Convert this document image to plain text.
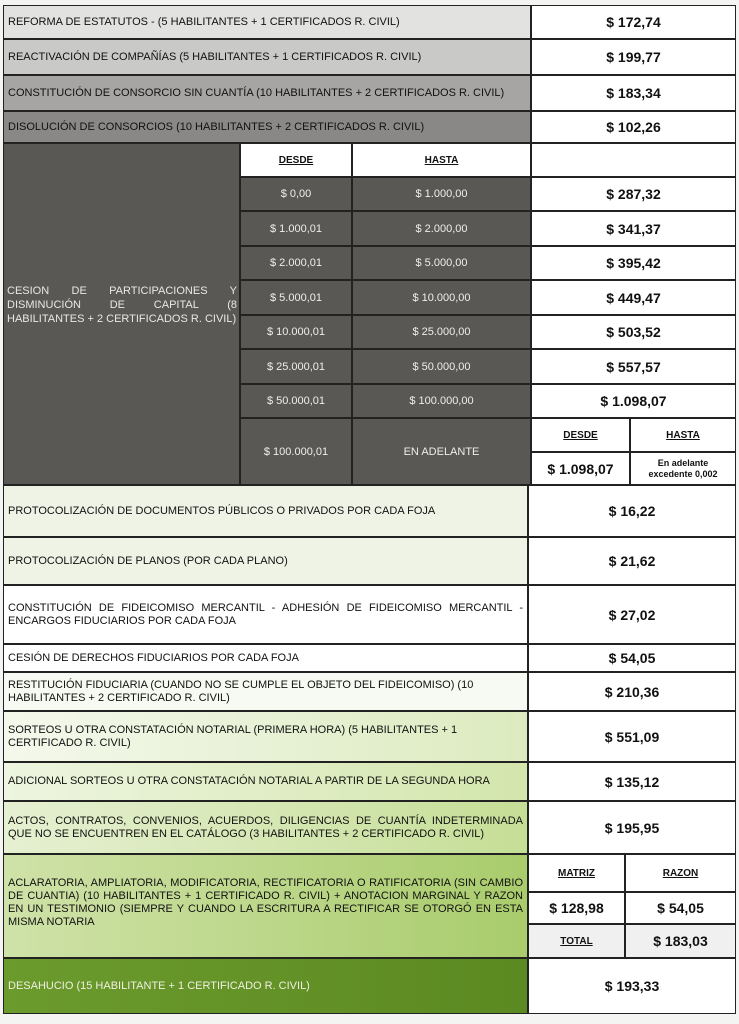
REFORMA DE ESTATUTOS - (5 HABILITANTES + 1 CERTIFICADOS R. CIVIL)	$ 172,74
REACTIVACIÓN DE COMPAÑÍAS (5 HABILITANTES + 1 CERTIFICADOS R. CIVIL)	$ 199,77
CONSTITUCIÓN DE CONSORCIO SIN CUANTÍA (10 HABILITANTES + 2 CERTIFICADOS R. CIVIL)	$ 183,34
DISOLUCIÓN DE CONSORCIOS (10 HABILITANTES + 2 CERTIFICADOS R. CIVIL)	$ 102,26
CESION DE PARTICIPACIONES Y DISMINUCIÓN DE CAPITAL (8 HABILITANTES + 2 CERTIFICADOS R. CIVIL)
DESDE	HASTA
$ 0,00	$ 1.000,00	$ 287,32
$ 1.000,01	$ 2.000,00	$ 341,37
$ 2.000,01	$ 5.000,00	$ 395,42
$ 5.000,01	$ 10.000,00	$ 449,47
$ 10.000,01	$ 25.000,00	$ 503,52
$ 25.000,01	$ 50.000,00	$ 557,57
$ 50.000,01	$ 100.000,00	$ 1.098,07
$ 100.000,01	EN ADELANTE
DESDE	HASTA
$ 1.098,07	En adelante
excedente 0,002
PROTOCOLIZACIÓN DE DOCUMENTOS PÚBLICOS O PRIVADOS POR CADA FOJA	$ 16,22
PROTOCOLIZACIÓN DE PLANOS (POR CADA PLANO)	$ 21,62
CONSTITUCIÓN DE FIDEICOMISO MERCANTIL - ADHESIÓN DE FIDEICOMISO MERCANTIL - ENCARGOS FIDUCIARIOS POR CADA FOJA	$ 27,02
CESIÓN DE DERECHOS FIDUCIARIOS POR CADA FOJA	$ 54,05
RESTITUCIÓN FIDUCIARIA (CUANDO NO SE CUMPLE EL OBJETO DEL FIDEICOMISO) (10 HABILITANTES + 2 CERTIFICADO R. CIVIL)	$ 210,36
SORTEOS U OTRA CONSTATACIÓN NOTARIAL (PRIMERA HORA) (5 HABILITANTES + 1 CERTIFICADO R. CIVIL)	$ 551,09
ADICIONAL SORTEOS U OTRA CONSTATACIÓN NOTARIAL A PARTIR DE LA SEGUNDA HORA	$ 135,12
ACTOS, CONTRATOS, CONVENIOS, ACUERDOS, DILIGENCIAS DE CUANTÍA INDETERMINADA QUE NO SE ENCUENTREN EN EL CATÁLOGO (3 HABILITANTES + 2 CERTIFICADO R. CIVIL)	$ 195,95
ACLARATORIA, AMPLIATORIA, MODIFICATORIA, RECTIFICATORIA O RATIFICATORIA (SIN CAMBIO DE CUANTIA) (10 HABILITANTES + 1 CERTIFICADO R. CIVIL) + ANOTACION MARGINAL Y RAZON EN UN TESTIMONIO (SIEMPRE Y CUANDO LA ESCRITURA A RECTIFICAR SE OTORGÓ EN ESTA MISMA NOTARIA
MATRIZ	RAZON
$ 128,98	$ 54,05
TOTAL	$ 183,03
DESAHUCIO (15 HABILITANTE + 1 CERTIFICADO R. CIVIL)	$ 193,33
